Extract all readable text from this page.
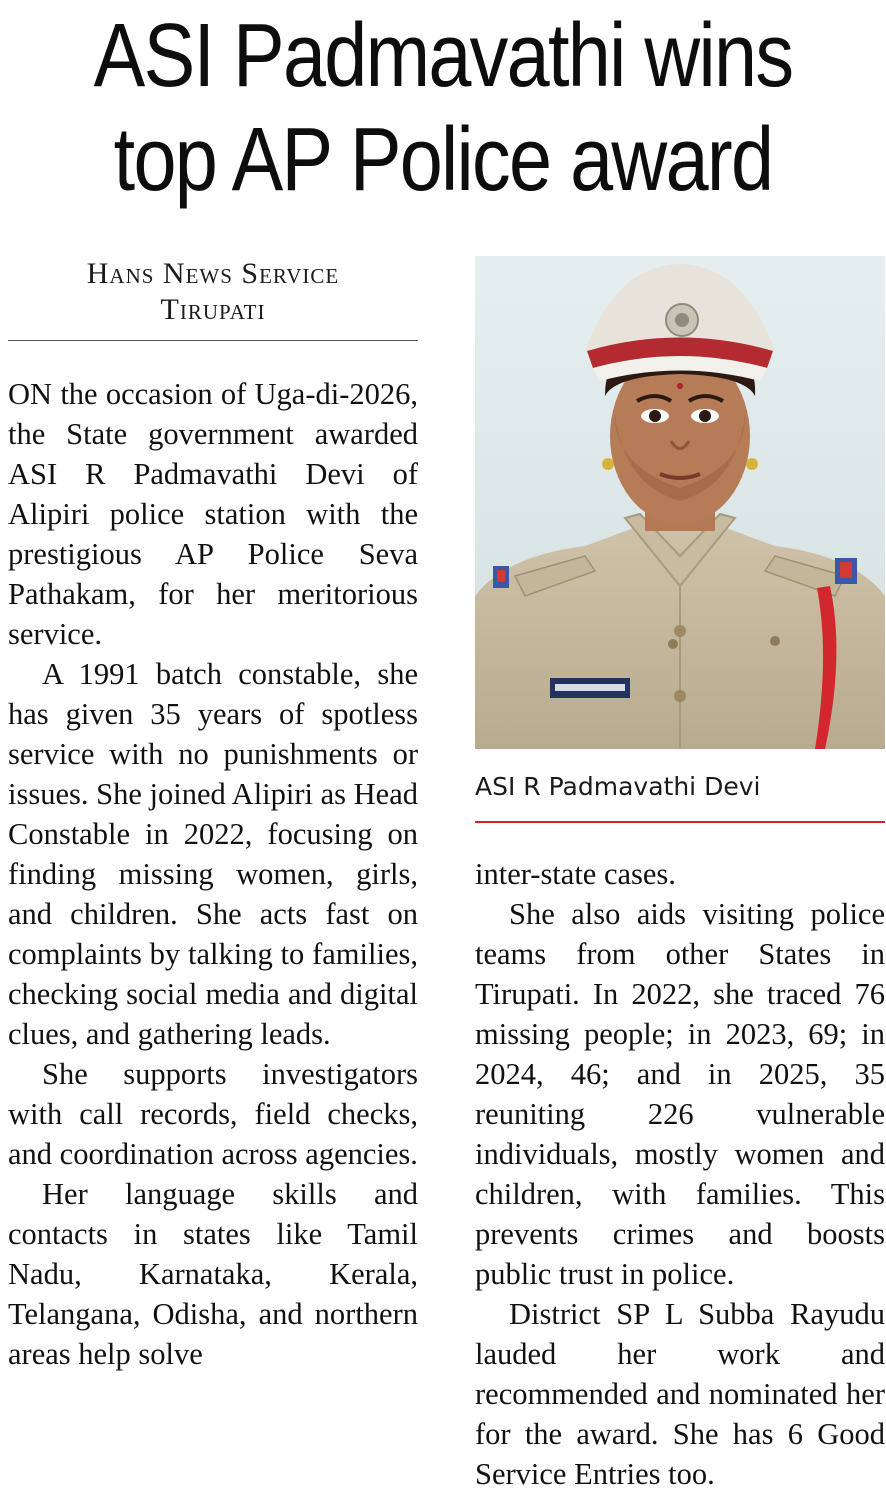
ASI Padmavathi wins
top AP Police award
Hans News Service
Tirupati

ON the occasion of Uga-di-2026, the State government awarded ASI R Padmavathi Devi of Alipiri police station with the prestigious AP Police Seva Pathakam, for her meritorious service.

A 1991 batch constable, she has given 35 years of spotless service with no punishments or issues. She joined Alipiri as Head Constable in 2022, focusing on finding missing women, girls, and children. She acts fast on complaints by talking to families, checking social media and digital clues, and gathering leads.

She supports investigators with call records, field checks, and coordination across agencies.

Her language skills and contacts in states like Tamil Nadu, Karnataka, Kerala, Telangana, Odisha, and northern areas help solve

ASI R Padmavathi Devi

inter-state cases.

She also aids visiting police teams from other States in Tirupati. In 2022, she traced 76 missing people; in 2023, 69; in 2024, 46; and in 2025, 35 reuniting 226 vulnerable individuals, mostly women and children, with families. This prevents crimes and boosts public trust in police.

District SP L Subba Rayudu lauded her work and recommended and nominated her for the award. She has 6 Good Service Entries too.
